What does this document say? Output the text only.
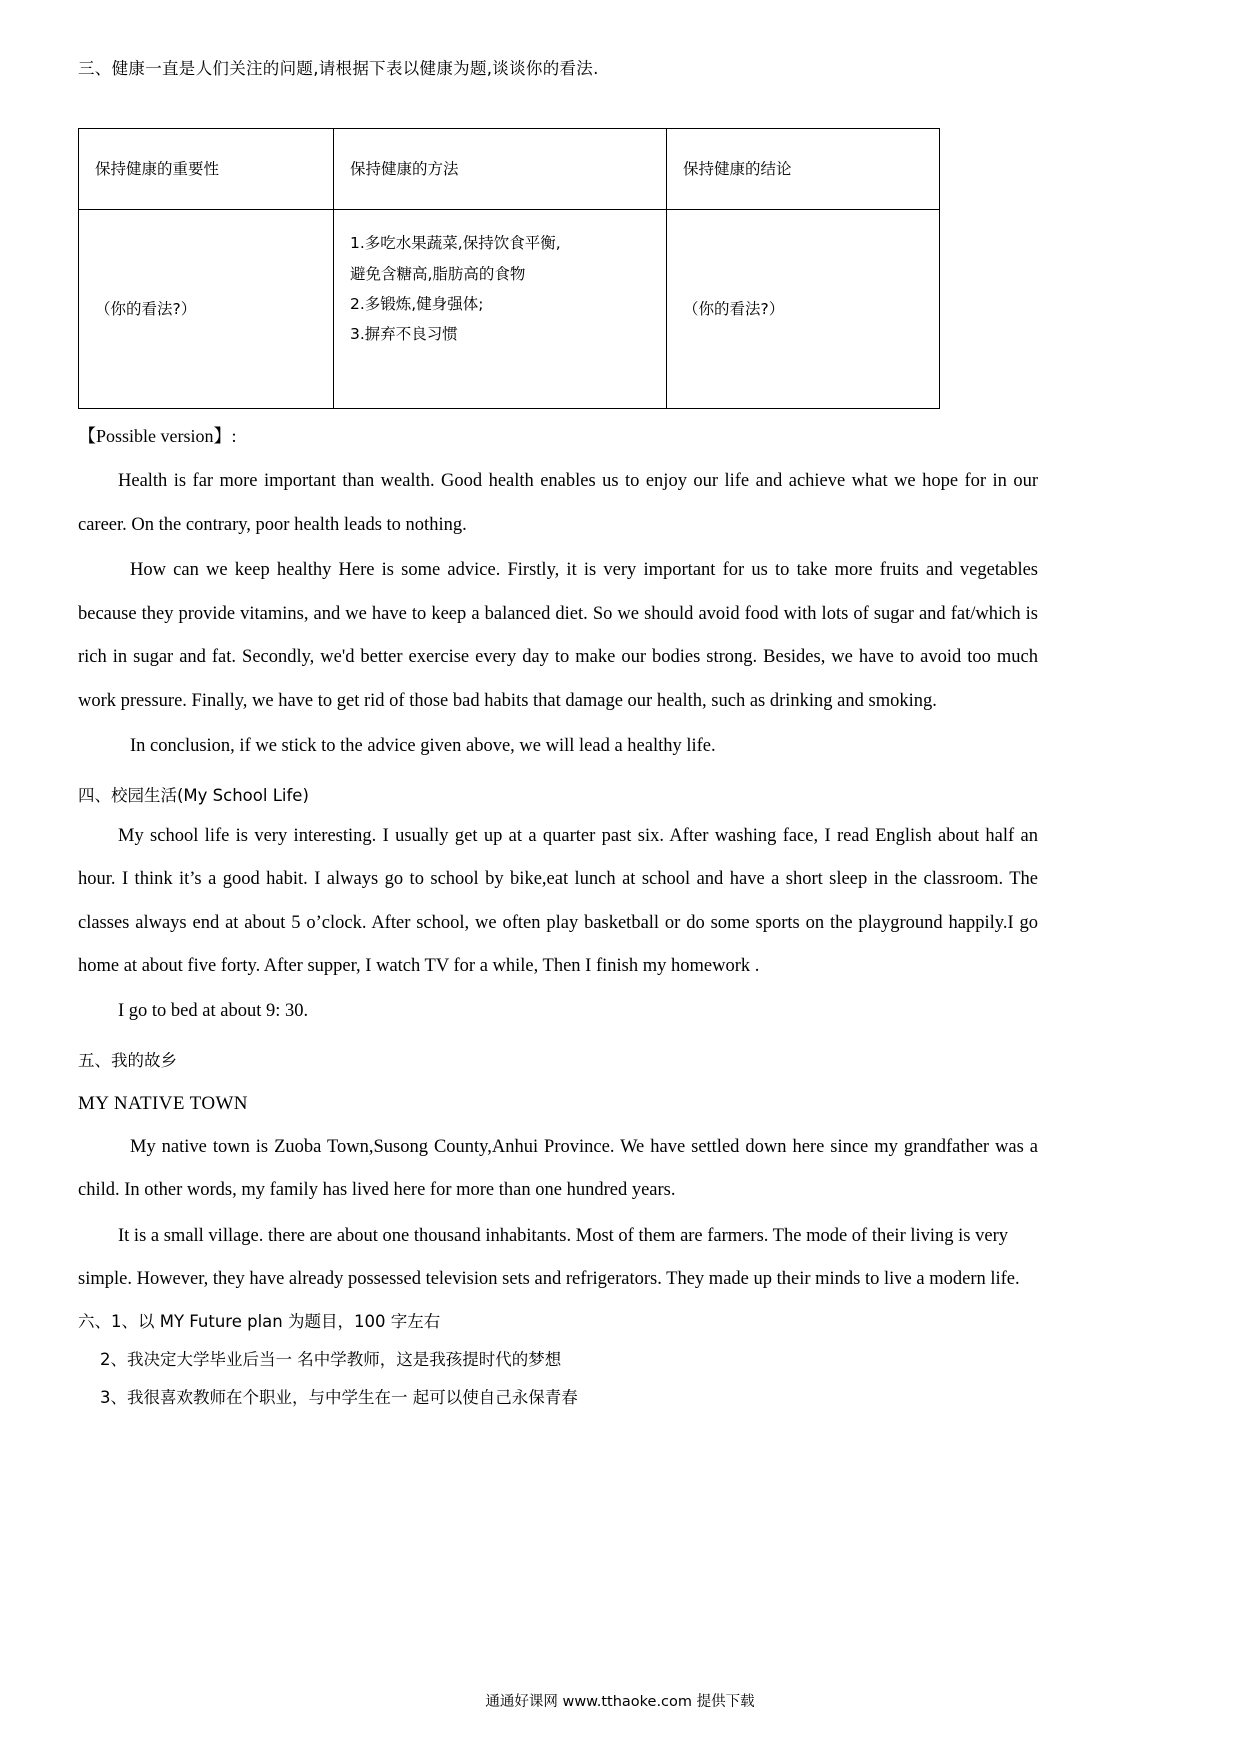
三、健康一直是人们关注的问题,请根据下表以健康为题,谈谈你的看法.

保持健康的重要性	保持健康的方法	保持健康的结论
（你的看法?）	1.多吃水果蔬菜,保持饮食平衡,
避免含糖高,脂肪高的食物
2.多锻炼,健身强体;
3.摒弃不良习惯	（你的看法?）

【Possible version】:

Health is far more important than wealth. Good health enables us to enjoy our life and achieve what we hope for in our career. On the contrary, poor health leads to nothing.

How can we keep healthy Here is some advice. Firstly, it is very important for us to take more fruits and vegetables because they provide vitamins, and we have to keep a balanced diet. So we should avoid food with lots of sugar and fat/which is rich in sugar and fat. Secondly, we'd better exercise every day to make our bodies strong. Besides, we have to avoid too much work pressure. Finally, we have to get rid of those bad habits that damage our health, such as drinking and smoking.

In conclusion, if we stick to the advice given above, we will lead a healthy life.

四、校园生活(My School Life)

My school life is very interesting. I usually get up at a quarter past six. After washing face, I read English about half an hour. I think it’s a good habit. I always go to school by bike,eat lunch at school and have a short sleep in the classroom. The classes always end at about 5 o’clock. After school, we often play basketball or do some sports on the playground happily.I go home at about five forty. After supper, I watch TV for a while, Then I finish my homework .

I go to bed at about 9: 30.

五、我的故乡

MY NATIVE TOWN

My native town is Zuoba Town,Susong County,Anhui Province. We have settled down here since my grandfather was a child. In other words, my family has lived here for more than one hundred years.

It is a small village. there are about one thousand inhabitants. Most of them are farmers. The mode of their living is very simple. However, they have already possessed television sets and refrigerators. They made up their minds to live a modern life.

六、1、以 MY Future plan 为题目，100 字左右

2、我决定大学毕业后当一 名中学教师，这是我孩提时代的梦想

3、我很喜欢教师在个职业，与中学生在一 起可以使自己永保青春

通通好课网 www.tthaoke.com 提供下载
